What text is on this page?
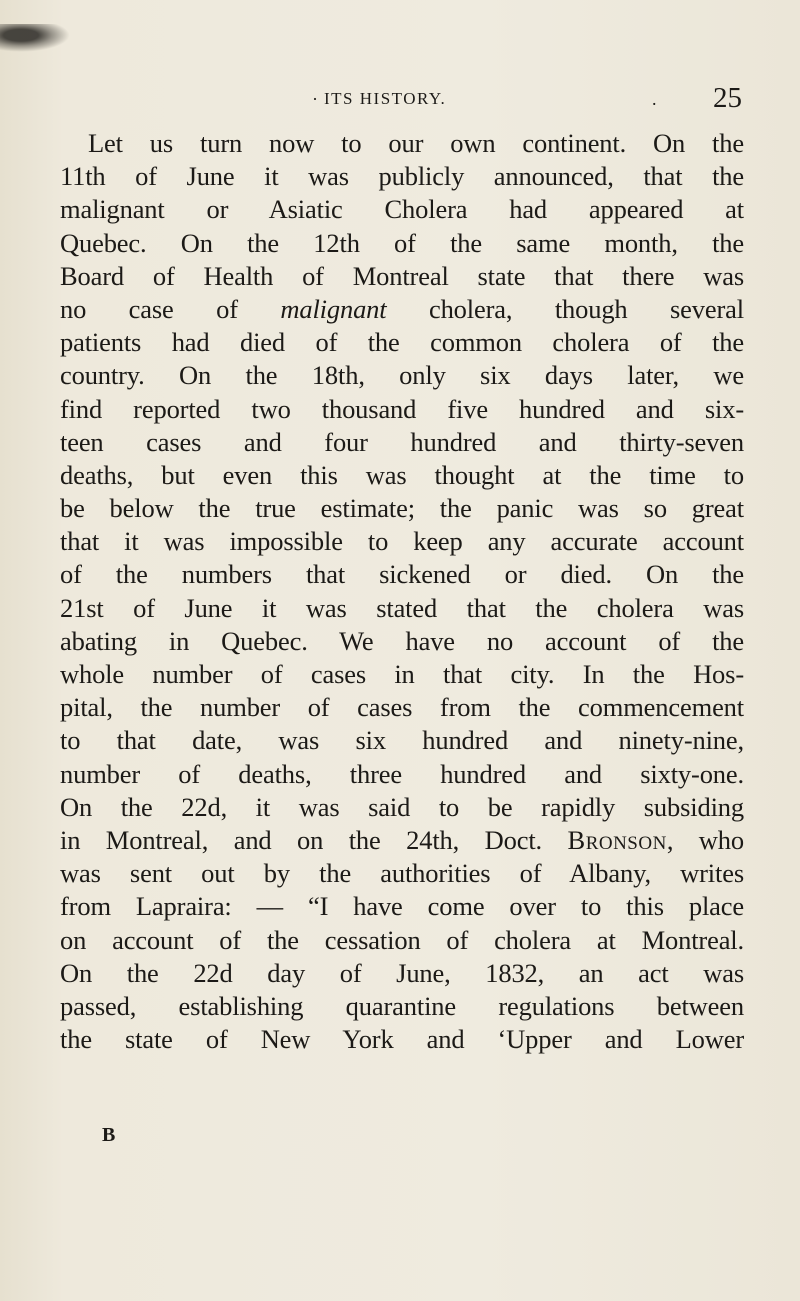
· ITS HISTORY.	. 25
Let us turn now to our own continent. On the
11th of June it was publicly announced, that the
malignant or Asiatic Cholera had appeared at
Quebec. On the 12th of the same month, the
Board of Health of Montreal state that there was
no case of malignant cholera, though several
patients had died of the common cholera of the
country. On the 18th, only six days later, we
find reported two thousand five hundred and six-
teen cases and four hundred and thirty-seven
deaths, but even this was thought at the time to
be below the true estimate; the panic was so great
that it was impossible to keep any accurate account
of the numbers that sickened or died. On the
21st of June it was stated that the cholera was
abating in Quebec. We have no account of the
whole number of cases in that city. In the Hos-
pital, the number of cases from the commencement
to that date, was six hundred and ninety-nine,
number of deaths, three hundred and sixty-one.
On the 22d, it was said to be rapidly subsiding
in Montreal, and on the 24th, Doct. Bronson, who
was sent out by the authorities of Albany, writes
from Lapraira: — “I have come over to this place
on account of the cessation of cholera at Montreal.
On the 22d day of June, 1832, an act was
passed, establishing quarantine regulations between
the state of New York and ‘Upper and Lower
B
